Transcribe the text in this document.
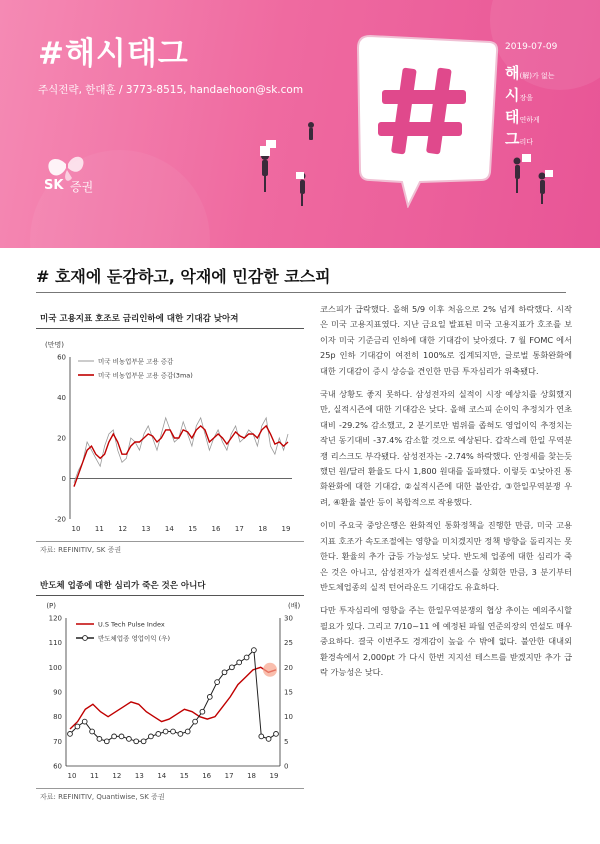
#해시태그
주식전략, 한대훈 / 3773-8515, handaehoon@sk.com
SK 증권
2019-07-09
해(解)가 없는
시장을
태연하게
그리다
# 호재에 둔감하고, 악재에 민감한 코스피
미국 고용지표 호조로 금리인하에 대한 기대감 낮아져
(만명)
-20
0
20
40
60
10 11 12 13 14 15 16 17 18 19
미국 비농업부문 고용 증감
미국 비농업부문 고용 증감(3ma)
자료: REFINITIV, SK 증권
반도체 업종에 대한 심리가 죽은 것은 아니다
(P)	(배)
60
70
80
90
100
110
120
0
5
10
15
20
25
30
10 11 12 13 14 15 16 17 18 19
U.S Tech Pulse Index
반도체업종 영업이익 (우)
자료: REFINITIV, Quantiwise, SK 증권

코스피가 급락했다. 올해 5/9 이후 처음으로 2% 넘게 하락했다. 시작은 미국 고용지표였다. 지난 금요일 발표된 미국 고용지표가 호조를 보이자 미국 기준금리 인하에 대한 기대감이 낮아졌다. 7 월 FOMC 에서 25p 인하 기대감이 여전히 100%로 집계되지만, 글로벌 통화완화에 대한 기대감이 증시 상승을 견인한 만큼 투자심리가 위축됐다.

국내 상황도 좋지 못하다. 삼성전자의 실적이 시장 예상치를 상회했지만, 실적시즌에 대한 기대감은 낮다. 올해 코스피 순이익 추정치가 연초대비 -29.2% 감소했고, 2 분기로만 범위를 좁혀도 영업이익 추정치는 작년 동기대비 -37.4% 감소할 것으로 예상된다. 갑작스레 한일 무역분쟁 리스크도 부각됐다. 삼성전자는 -2.74% 하락했다. 안정세를 찾는듯했던 원/달러 환율도 다시 1,800 원대를 돌파했다. 이렇듯 ①낮아진 통화완화에 대한 기대감, ②실적시즌에 대한 불안감, ③한일무역분쟁 우려, ④환율 불안 등이 복합적으로 작용했다.

이미 주요국 중앙은행은 완화적인 통화정책을 진행한 만큼, 미국 고용지표 호조가 속도조절에는 영향을 미치겠지만 정책 방향을 돌리지는 못한다. 환율의 추가 급등 가능성도 낮다. 반도체 업종에 대한 심리가 죽은 것은 아니고, 삼성전자가 실적컨센서스를 상회한 만큼, 3 분기부터 반도체업종의 실적 턴어라운드 기대감도 유효하다.

다만 투자심리에 영향을 주는 한일무역분쟁의 협상 추이는 예의주시할 필요가 있다. 그리고 7/10~11 에 예정된 파월 연준의장의 연설도 매우 중요하다. 결국 이번주도 경계감이 높을 수 밖에 없다. 불안한 대내외 환경속에서 2,000pt 가 다시 한번 지지선 테스트를 받겠지만 추가 급락 가능성은 낮다.
